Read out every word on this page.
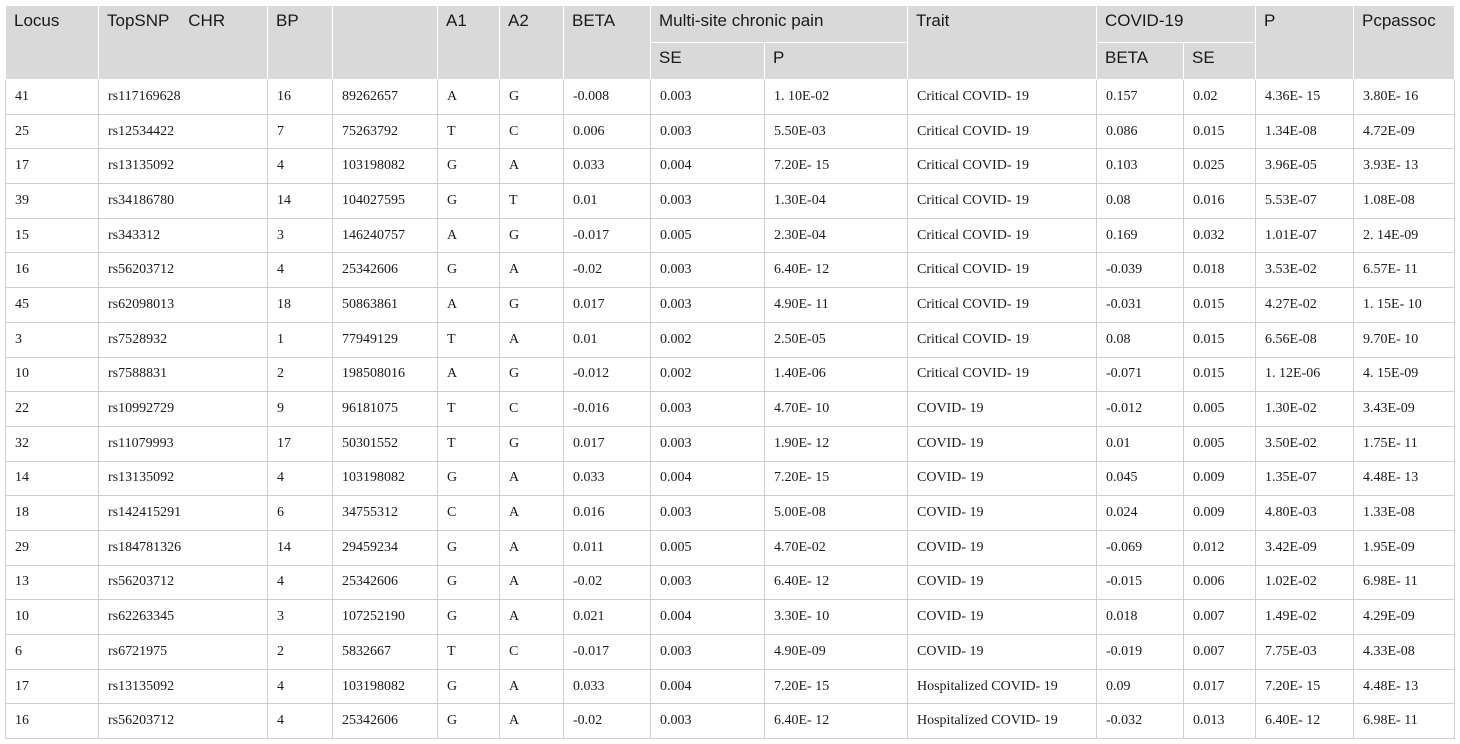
Locus	TopSNP CHR	BP		A1	A2	BETA	Multi-site chronic pain		Trait	COVID-19		P	Pcpassoc
							SE	P		BETA	SE		
41	rs117169628	16	89262657	A	G	-0.008	0.003	1. 10E-02	Critical COVID- 19	0.157	0.02	4.36E- 15	3.80E- 16
25	rs12534422	7	75263792	T	C	0.006	0.003	5.50E-03	Critical COVID- 19	0.086	0.015	1.34E-08	4.72E-09
17	rs13135092	4	103198082	G	A	0.033	0.004	7.20E- 15	Critical COVID- 19	0.103	0.025	3.96E-05	3.93E- 13
39	rs34186780	14	104027595	G	T	0.01	0.003	1.30E-04	Critical COVID- 19	0.08	0.016	5.53E-07	1.08E-08
15	rs343312	3	146240757	A	G	-0.017	0.005	2.30E-04	Critical COVID- 19	0.169	0.032	1.01E-07	2. 14E-09
16	rs56203712	4	25342606	G	A	-0.02	0.003	6.40E- 12	Critical COVID- 19	-0.039	0.018	3.53E-02	6.57E- 11
45	rs62098013	18	50863861	A	G	0.017	0.003	4.90E- 11	Critical COVID- 19	-0.031	0.015	4.27E-02	1. 15E- 10
3	rs7528932	1	77949129	T	A	0.01	0.002	2.50E-05	Critical COVID- 19	0.08	0.015	6.56E-08	9.70E- 10
10	rs7588831	2	198508016	A	G	-0.012	0.002	1.40E-06	Critical COVID- 19	-0.071	0.015	1. 12E-06	4. 15E-09
22	rs10992729	9	96181075	T	C	-0.016	0.003	4.70E- 10	COVID- 19	-0.012	0.005	1.30E-02	3.43E-09
32	rs11079993	17	50301552	T	G	0.017	0.003	1.90E- 12	COVID- 19	0.01	0.005	3.50E-02	1.75E- 11
14	rs13135092	4	103198082	G	A	0.033	0.004	7.20E- 15	COVID- 19	0.045	0.009	1.35E-07	4.48E- 13
18	rs142415291	6	34755312	C	A	0.016	0.003	5.00E-08	COVID- 19	0.024	0.009	4.80E-03	1.33E-08
29	rs184781326	14	29459234	G	A	0.011	0.005	4.70E-02	COVID- 19	-0.069	0.012	3.42E-09	1.95E-09
13	rs56203712	4	25342606	G	A	-0.02	0.003	6.40E- 12	COVID- 19	-0.015	0.006	1.02E-02	6.98E- 11
10	rs62263345	3	107252190	G	A	0.021	0.004	3.30E- 10	COVID- 19	0.018	0.007	1.49E-02	4.29E-09
6	rs6721975	2	5832667	T	C	-0.017	0.003	4.90E-09	COVID- 19	-0.019	0.007	7.75E-03	4.33E-08
17	rs13135092	4	103198082	G	A	0.033	0.004	7.20E- 15	Hospitalized COVID- 19	0.09	0.017	7.20E- 15	4.48E- 13
16	rs56203712	4	25342606	G	A	-0.02	0.003	6.40E- 12	Hospitalized COVID- 19	-0.032	0.013	6.40E- 12	6.98E- 11
